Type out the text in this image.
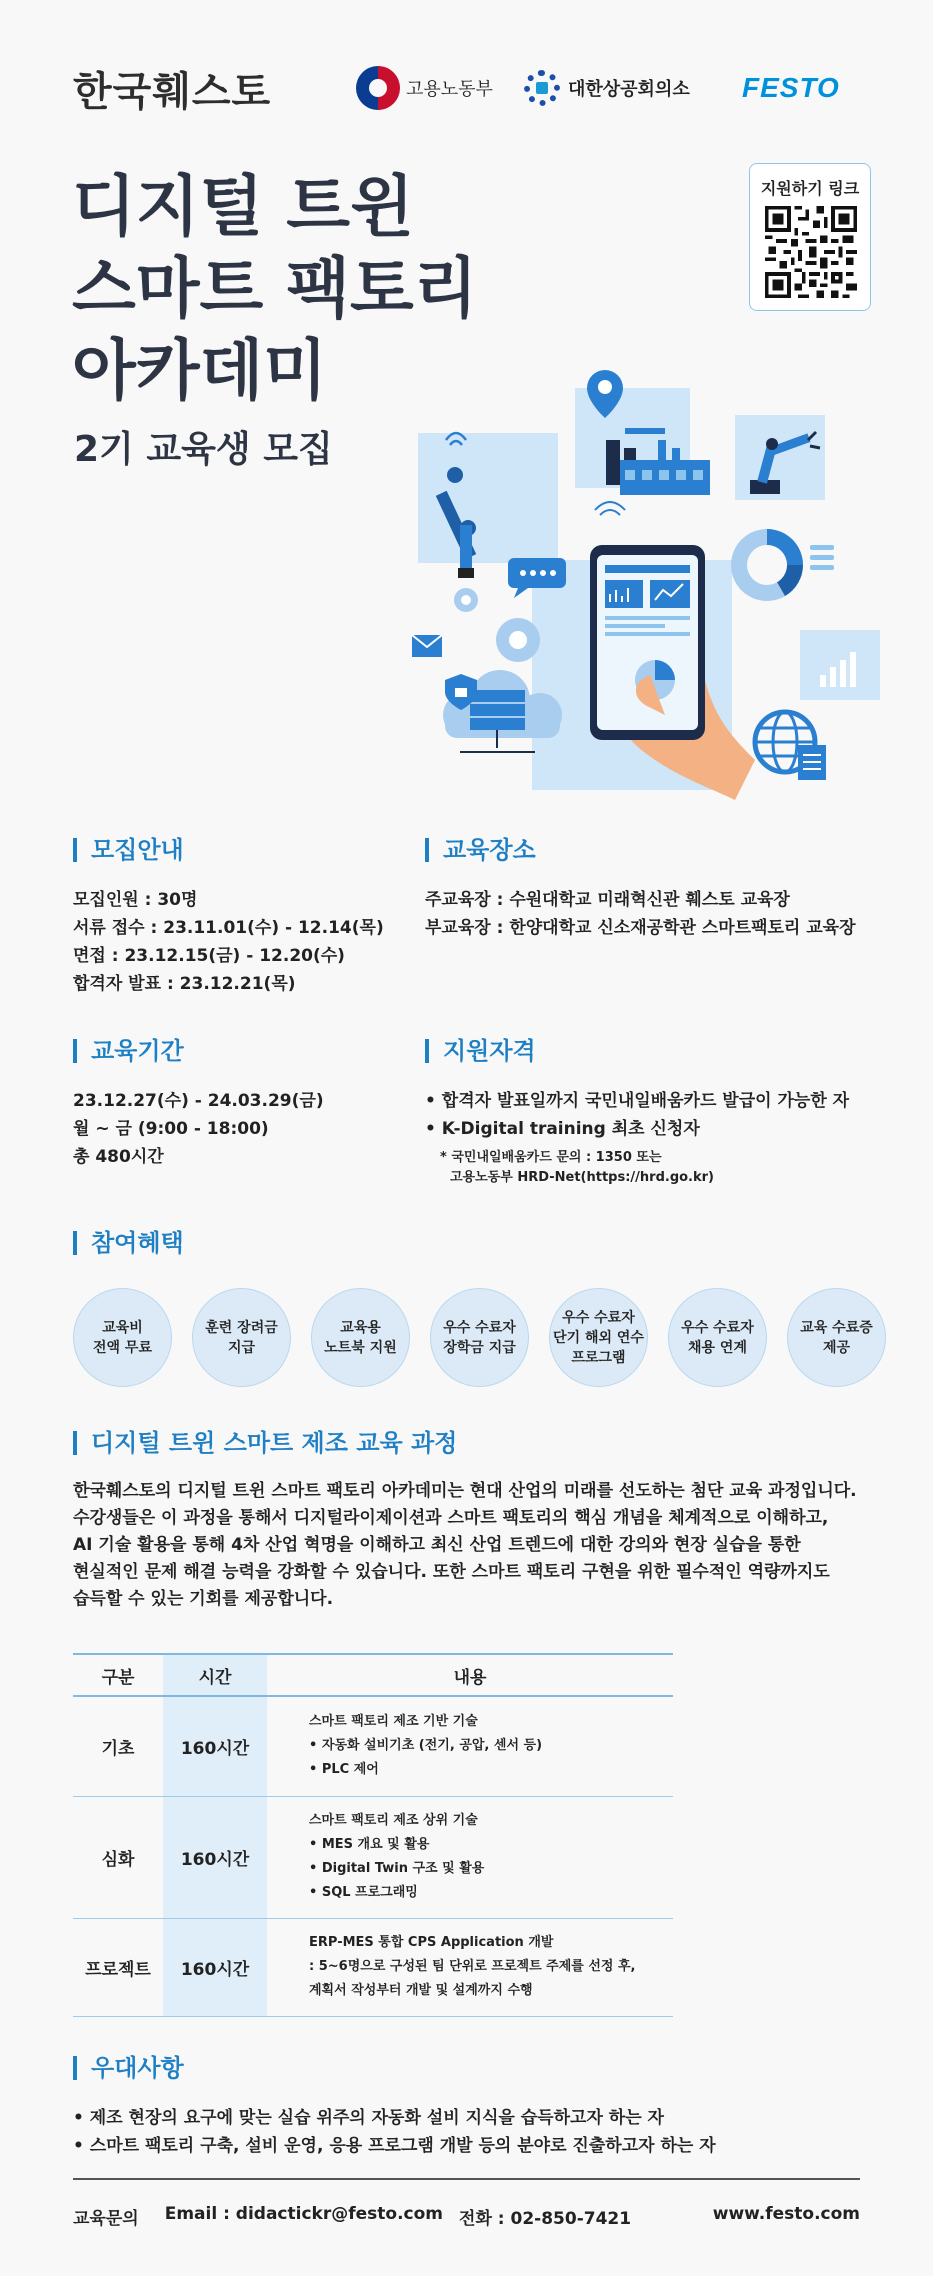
한국훼스토	고용노동부	대한상공회의소 FESTO
디지털 트윈
스마트 팩토리
아카데미
2기 교육생 모집
지원하기 링크
모집안내
모집인원 : 30명
서류 접수 : 23.11.01(수) - 12.14(목)
면접 : 23.12.15(금) - 12.20(수)
합격자 발표 : 23.12.21(목)
교육장소
주교육장 : 수원대학교 미래혁신관 훼스토 교육장
부교육장 : 한양대학교 신소재공학관 스마트팩토리 교육장
교육기간
23.12.27(수) - 24.03.29(금)
월 ~ 금 (9:00 - 18:00)
총 480시간
지원자격
• 합격자 발표일까지 국민내일배움카드 발급이 가능한 자
• K-Digital training 최초 신청자
* 국민내일배움카드 문의 : 1350 또는
고용노동부 HRD-Net(https://hrd.go.kr)
참여혜택
교육비
전액 무료
훈련 장려금
지급
교육용
노트북 지원
우수 수료자
장학금 지급
우수 수료자
단기 해외 연수
프로그램
우수 수료자
채용 연계
교육 수료증
제공
디지털 트윈 스마트 제조 교육 과정
한국훼스토의 디지털 트윈 스마트 팩토리 아카데미는 현대 산업의 미래를 선도하는 첨단 교육 과정입니다.
수강생들은 이 과정을 통해서 디지털라이제이션과 스마트 팩토리의 핵심 개념을 체계적으로 이해하고,
AI 기술 활용을 통해 4차 산업 혁명을 이해하고 최신 산업 트렌드에 대한 강의와 현장 실습을 통한
현실적인 문제 해결 능력을 강화할 수 있습니다. 또한 스마트 팩토리 구현을 위한 필수적인 역량까지도
습득할 수 있는 기회를 제공합니다.
구분	시간	내용
기초	160시간	스마트 팩토리 제조 기반 기술
• 자동화 설비기초 (전기, 공압, 센서 등)
• PLC 제어

심화	160시간	스마트 팩토리 제조 상위 기술
• MES 개요 및 활용
• Digital Twin 구조 및 활용
• SQL 프로그래밍

프로젝트	160시간	ERP-MES 통합 CPS Application 개발
: 5~6명으로 구성된 팀 단위로 프로젝트 주제를 선정 후,
계획서 작성부터 개발 및 설계까지 수행
우대사항
• 제조 현장의 요구에 맞는 실습 위주의 자동화 설비 지식을 습득하고자 하는 자
• 스마트 팩토리 구축, 설비 운영, 응용 프로그램 개발 등의 분야로 진출하고자 하는 자
교육문의 Email : didactickr@festo.com 전화 : 02-850-7421	www.festo.com
